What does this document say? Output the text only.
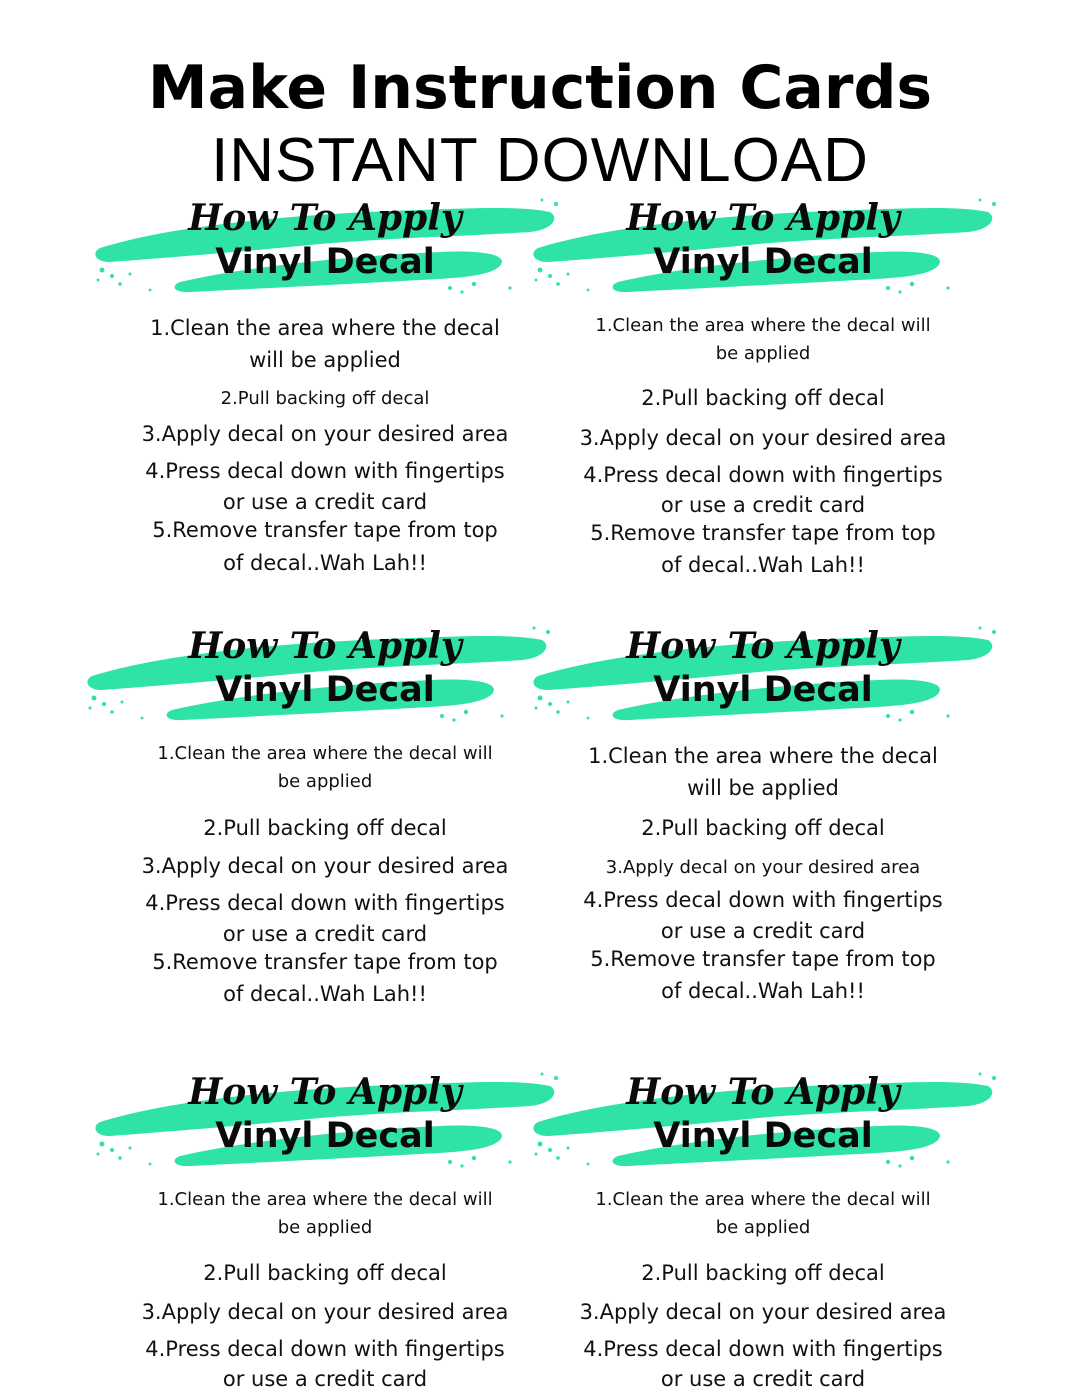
Make Instruction Cards
INSTANT DOWNLOAD
How To Apply
Vinyl Decal
1.Clean the area where the decal
will be applied
2.Pull backing off decal
3.Apply decal on your desired area
4.Press decal down with fingertips
or use a credit card
5.Remove transfer tape from top
of decal..Wah Lah!!
How To Apply
Vinyl Decal
1.Clean the area where the decal will
be applied
2.Pull backing off decal
3.Apply decal on your desired area
4.Press decal down with fingertips
or use a credit card
5.Remove transfer tape from top
of decal..Wah Lah!!
How To Apply
Vinyl Decal
1.Clean the area where the decal will
be applied
2.Pull backing off decal
3.Apply decal on your desired area
4.Press decal down with fingertips
or use a credit card
5.Remove transfer tape from top
of decal..Wah Lah!!
How To Apply
Vinyl Decal
1.Clean the area where the decal
will be applied
2.Pull backing off decal
3.Apply decal on your desired area
4.Press decal down with fingertips
or use a credit card
5.Remove transfer tape from top
of decal..Wah Lah!!
How To Apply
Vinyl Decal
1.Clean the area where the decal will
be applied
2.Pull backing off decal
3.Apply decal on your desired area
4.Press decal down with fingertips
or use a credit card
How To Apply
Vinyl Decal
1.Clean the area where the decal will
be applied
2.Pull backing off decal
3.Apply decal on your desired area
4.Press decal down with fingertips
or use a credit card
